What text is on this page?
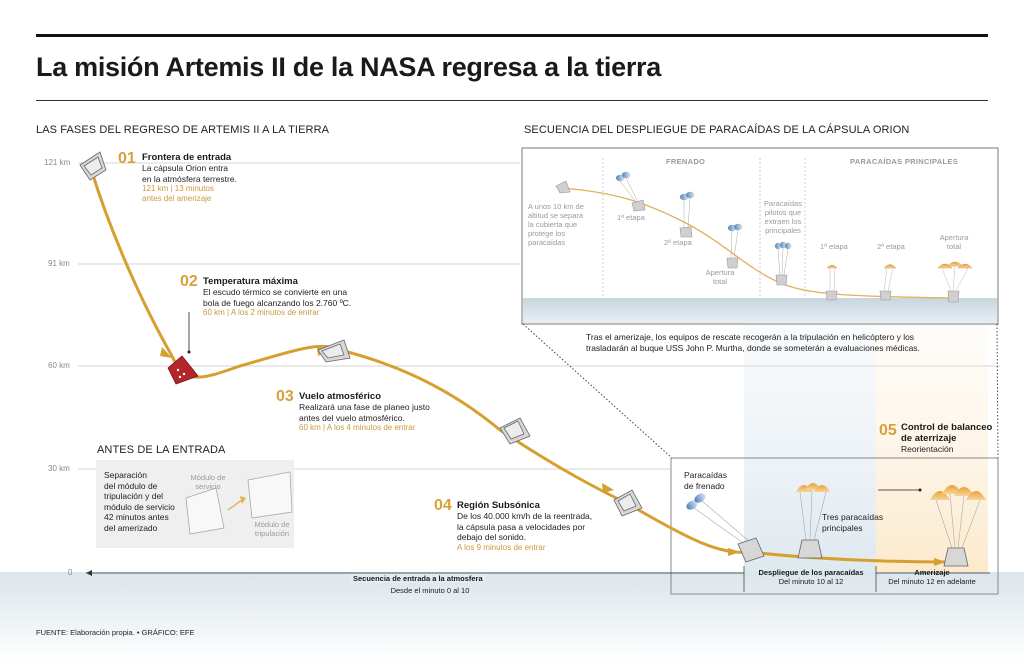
La misión Artemis II de la NASA regresa a la tierra
LAS FASES DEL REGRESO DE ARTEMIS II A LA TIERRA	SECUENCIA DEL DESPLIEGUE DE PARACAÍDAS DE LA CÁPSULA ORION
121 km
91 km
60 km
30 km
0
01 Frontera de entrada
La cápsula Orion entra
en la atmósfera terrestre.
121 km | 13 minutos
antes del amerizaje
02 Temperatura máxima
El escudo térmico se convierte en una
bola de fuego alcanzando los 2.760 ºC.
60 km | A los 2 minutos de entrar
03 Vuelo atmosférico
Realizará una fase de planeo justo
antes del vuelo atmosférico.
60 km | A los 4 minutos de entrar
04 Región Subsónica
De los 40.000 km/h de la reentrada,
la cápsula pasa a velocidades por
debajo del sonido.
A los 9 minutos de entrar
05 Control de balanceo
de aterrizaje
Reorientación
ANTES DE LA ENTRADA
Separación
del módulo de
tripulación y del
módulo de servicio
42 minutos antes
del amerizado
Módulo de
servicio
Módulo de
tripulación
FRENADO	PARACAÍDAS PRINCIPALES
A unos 10 km de
altitud se separa
la cubierta que
protege los
paracaídas
1ª etapa
2ª etapa
Apertura
total
Paracaídas
pilotos que
extraen los
principales
1ª etapa	2ª etapa
Apertura
total
Tras el amerizaje, los equipos de rescate recogerán a la tripulación en helicóptero y los
trasladarán al buque USS John P. Murtha, donde se someterán a evaluaciones médicas.
Paracaídas
de frenado
Tres paracaídas
principales
Secuencia de entrada a la atmosfera
Desde el minuto 0 al 10
Despliegue de los paracaídas
Del minuto 10 al 12
Amerizaje
Del minuto 12 en adelante
FUENTE: Elaboración propia. • GRÁFICO: EFE
